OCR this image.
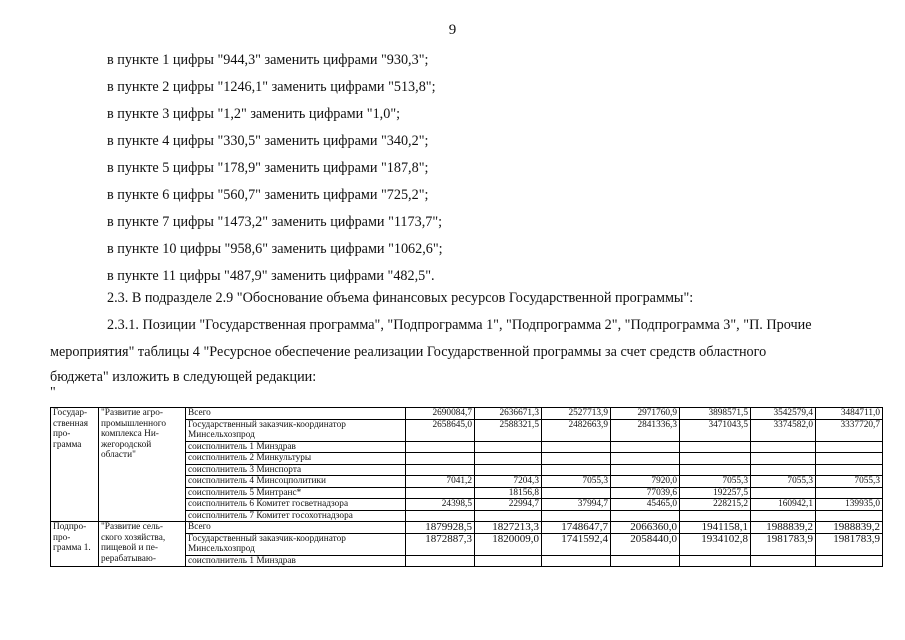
9
в пункте 1 цифры "944,3" заменить цифрами "930,3";
в пункте 2 цифры "1246,1" заменить цифрами "513,8";
в пункте 3 цифры "1,2" заменить цифрами "1,0";
в пункте 4 цифры "330,5" заменить цифрами "340,2";
в пункте 5 цифры "178,9" заменить цифрами "187,8";
в пункте 6 цифры "560,7" заменить цифрами "725,2";
в пункте 7 цифры "1473,2" заменить цифрами "1173,7";
в пункте 10 цифры "958,6" заменить цифрами "1062,6";
в пункте 11 цифры "487,9" заменить цифрами "482,5".
2.3. В подразделе 2.9 "Обоснование объема финансовых ресурсов Государственной программы":
2.3.1. Позиции "Государственная программа", "Подпрограмма 1", "Подпрограмма 2", "Подпрограмма 3", "П. Прочие
мероприятия" таблицы 4 "Ресурсное обеспечение реализации Государственной программы за счет средств областного
бюджета" изложить в следующей редакции:
"
Государ-ственная про-грамма	"Развитие агро-промышленного комплекса Ни-жегородской области"	Всего	2690084,7	2636671,3	2527713,9	2971760,9	3898571,5	3542579,4	3484711,0
		Государственный заказчик-координатор Минсельхозпрод	2658645,0	2588321,5	2482663,9	2841336,3	3471043,5	3374582,0	3337720,7
		соисполнитель 1 Минздрав							
		соисполнитель 2 Минкультуры							
		соисполнитель 3 Минспорта							
		соисполнитель 4 Минсоцполитики	7041,2	7204,3	7055,3	7920,0	7055,3	7055,3	7055,3
		соисполнитель 5 Минтранс*		18156,8		77039,6	192257,5		
		соисполнитель 6 Комитет госветнадзора	24398,5	22994,7	37994,7	45465,0	228215,2	160942,1	139935,0
		соисполнитель 7 Комитет госохотнадзора							
Подпро-про-грамма 1.	"Развитие сель-ского хозяйства, пищевой и пе-рерабатываю-	Всего	1879928,5	1827213,3	1748647,7	2066360,0	1941158,1	1988839,2	1988839,2
		Государственный заказчик-координатор Минсельхозпрод	1872887,3	1820009,0	1741592,4	2058440,0	1934102,8	1981783,9	1981783,9
		соисполнитель 1 Минздрав							
